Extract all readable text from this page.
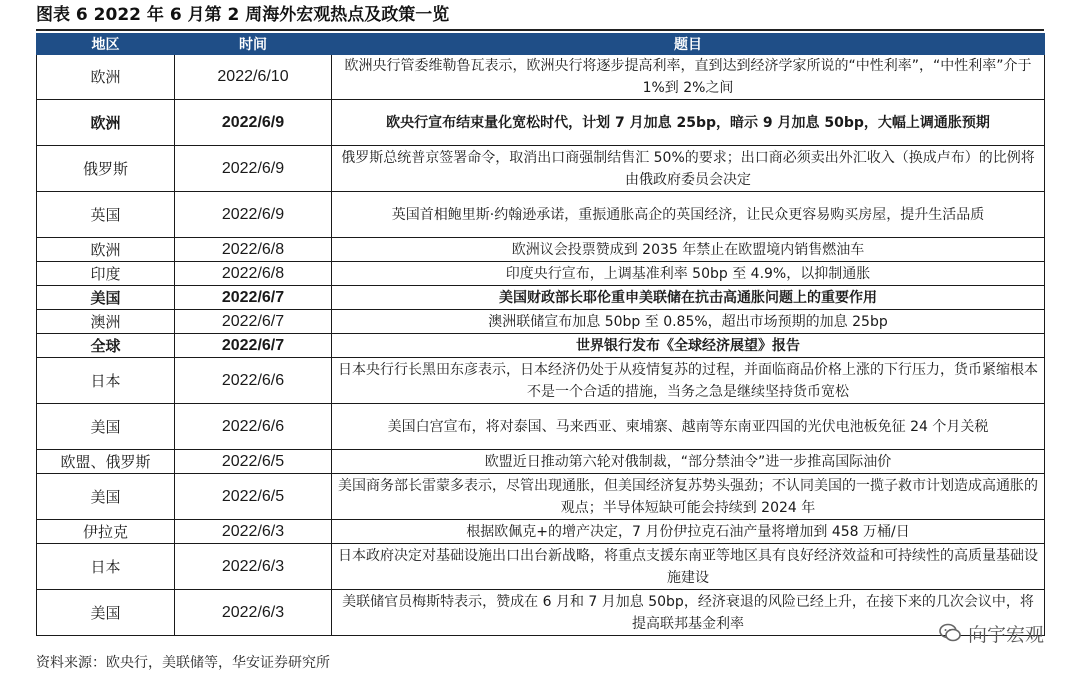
图表 6 2022 年 6 月第 2 周海外宏观热点及政策一览
地区	时间	题目
欧洲	2022/6/10	欧洲央行管委维勒鲁瓦表示，欧洲央行将逐步提高利率，直到达到经济学家所说的“中性利率”，“中性利率”介于 1%到 2%之间
欧洲	2022/6/9	欧央行宣布结束量化宽松时代，计划 7 月加息 25bp，暗示 9 月加息 50bp，大幅上调通胀预期
俄罗斯	2022/6/9	俄罗斯总统普京签署命令，取消出口商强制结售汇 50%的要求；出口商必须卖出外汇收入（换成卢布）的比例将由俄政府委员会决定
英国	2022/6/9	英国首相鲍里斯·约翰逊承诺，重振通胀高企的英国经济，让民众更容易购买房屋，提升生活品质
欧洲	2022/6/8	欧洲议会投票赞成到 2035 年禁止在欧盟境内销售燃油车
印度	2022/6/8	印度央行宣布，上调基准利率 50bp 至 4.9%，以抑制通胀
美国	2022/6/7	美国财政部长耶伦重申美联储在抗击高通胀问题上的重要作用
澳洲	2022/6/7	澳洲联储宣布加息 50bp 至 0.85%，超出市场预期的加息 25bp
全球	2022/6/7	世界银行发布《全球经济展望》报告
日本	2022/6/6	日本央行行长黑田东彦表示，日本经济仍处于从疫情复苏的过程，并面临商品价格上涨的下行压力，货币紧缩根本不是一个合适的措施，当务之急是继续坚持货币宽松
美国	2022/6/6	美国白宫宣布，将对泰国、马来西亚、柬埔寨、越南等东南亚四国的光伏电池板免征 24 个月关税
欧盟、俄罗斯	2022/6/5	欧盟近日推动第六轮对俄制裁，“部分禁油令”进一步推高国际油价
美国	2022/6/5	美国商务部长雷蒙多表示，尽管出现通胀，但美国经济复苏势头强劲；不认同美国的一揽子救市计划造成高通胀的观点；半导体短缺可能会持续到 2024 年
伊拉克	2022/6/3	根据欧佩克+的增产决定，7 月份伊拉克石油产量将增加到 458 万桶/日
日本	2022/6/3	日本政府决定对基础设施出口出台新战略，将重点支援东南亚等地区具有良好经济效益和可持续性的高质量基础设施建设
美国	2022/6/3	美联储官员梅斯特表示，赞成在 6 月和 7 月加息 50bp，经济衰退的风险已经上升，在接下来的几次会议中，将提高联邦基金利率
资料来源：欧央行，美联储等，华安证券研究所
向宇宏观
